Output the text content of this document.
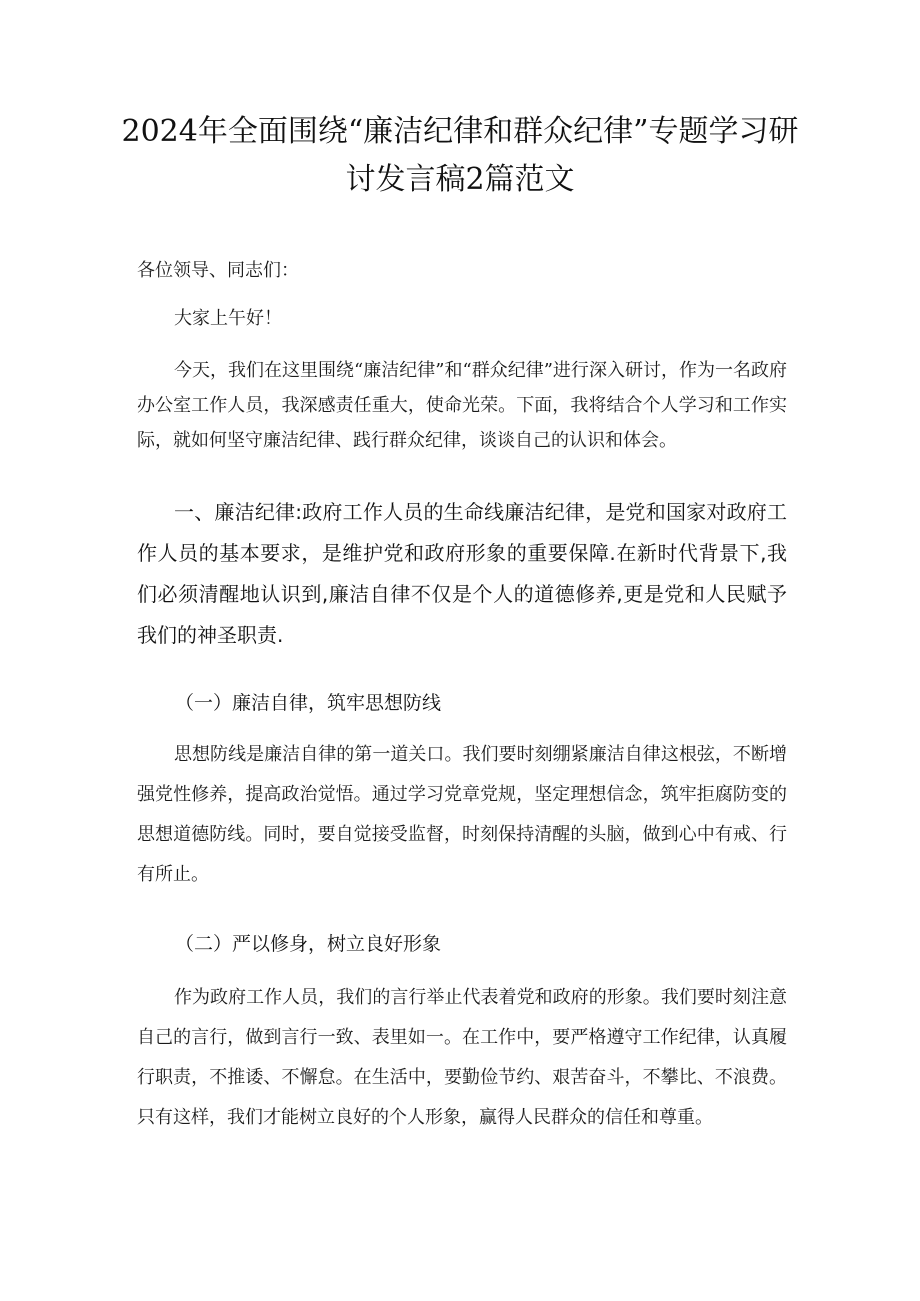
2024年全面围绕“廉洁纪律和群众纪律”专题学习研讨发言稿2篇范文
各位领导、同志们：
大家上午好！
今天，我们在这里围绕“廉洁纪律”和“群众纪律”进行深入研讨，作为一名政府办公室工作人员，我深感责任重大，使命光荣。下面，我将结合个人学习和工作实际，就如何坚守廉洁纪律、践行群众纪律，谈谈自己的认识和体会。
一、廉洁纪律:政府工作人员的生命线廉洁纪律，是党和国家对政府工作人员的基本要求，是维护党和政府形象的重要保障.在新时代背景下,我们必须清醒地认识到,廉洁自律不仅是个人的道德修养,更是党和人民赋予我们的神圣职责.
（一）廉洁自律，筑牢思想防线
思想防线是廉洁自律的第一道关口。我们要时刻绷紧廉洁自律这根弦，不断增强党性修养，提高政治觉悟。通过学习党章党规，坚定理想信念，筑牢拒腐防变的思想道德防线。同时，要自觉接受监督，时刻保持清醒的头脑，做到心中有戒、行有所止。
（二）严以修身，树立良好形象
作为政府工作人员，我们的言行举止代表着党和政府的形象。我们要时刻注意自己的言行，做到言行一致、表里如一。在工作中，要严格遵守工作纪律，认真履行职责，不推诿、不懈怠。在生活中，要勤俭节约、艰苦奋斗，不攀比、不浪费。只有这样，我们才能树立良好的个人形象，赢得人民群众的信任和尊重。
